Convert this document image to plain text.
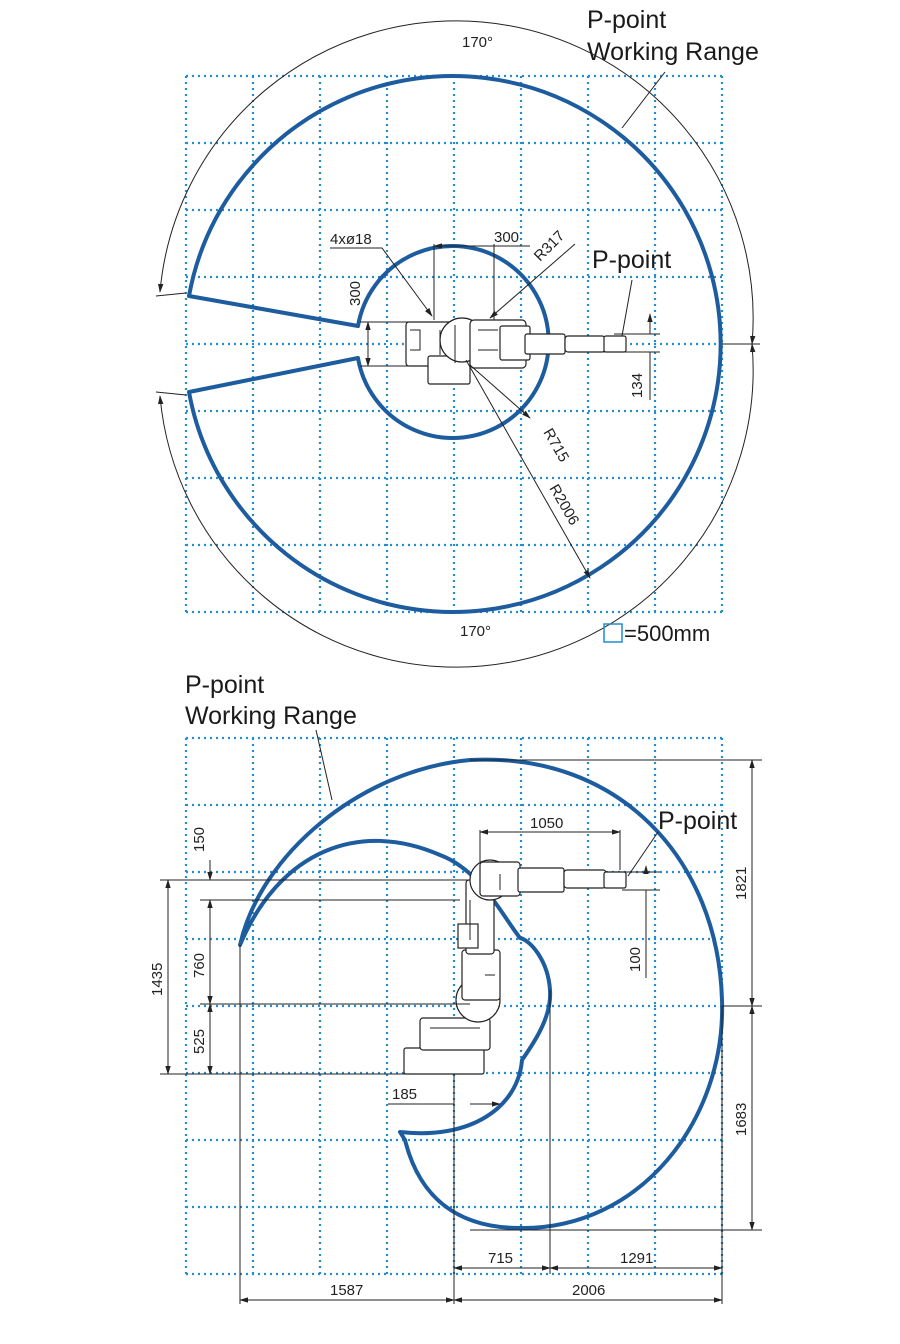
P-point
Working Range
P-point
170°
170°
4xø18	300
300
R317
R715
R2006
134
=500mm
P-point
Working Range
P-point
1050
150
760
525
1435
100
1821
1683
185
715	1291
1587	2006
